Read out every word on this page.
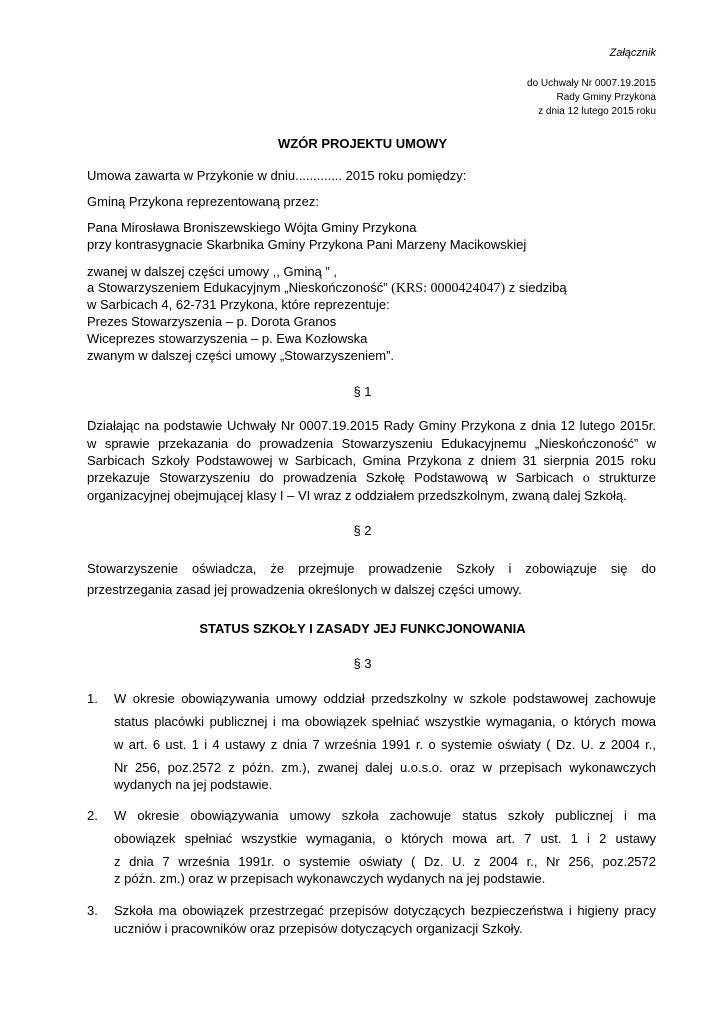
Załącznik
do Uchwały Nr 0007.19.2015
Rady Gminy Przykona
z dnia 12 lutego 2015 roku
WZÓR PROJEKTU UMOWY
Umowa zawarta w Przykonie w dniu............. 2015 roku pomiędzy:
Gminą Przykona reprezentowaną przez:
Pana Mirosława Broniszewskiego Wójta Gminy Przykona
przy kontrasygnacie Skarbnika Gminy Przykona Pani Marzeny Macikowskiej
zwanej w dalszej części umowy ,, Gminą ” ,
a Stowarzyszeniem Edukacyjnym „Nieskończoność” (KRS: 0000424047) z siedzibą
w Sarbicach 4, 62-731 Przykona, które reprezentuje:
Prezes Stowarzyszenia – p. Dorota Granos
Wiceprezes stowarzyszenia – p. Ewa Kozłowska
zwanym w dalszej części umowy „Stowarzyszeniem”.
§ 1
Działając na podstawie Uchwały Nr 0007.19.2015 Rady Gminy Przykona z dnia 12 lutego 2015r.
w sprawie przekazania do prowadzenia Stowarzyszeniu Edukacyjnemu „Nieskończoność” w
Sarbicach Szkoły Podstawowej w Sarbicach, Gmina Przykona z dniem 31 sierpnia 2015 roku
przekazuje Stowarzyszeniu do prowadzenia Szkołę Podstawową w Sarbicach o strukturze
organizacyjnej obejmującej klasy I – VI wraz z oddziałem przedszkolnym, zwaną dalej Szkołą.
§ 2
Stowarzyszenie oświadcza, że przejmuje prowadzenie Szkoły i zobowiązuje się do
przestrzegania zasad jej prowadzenia określonych w dalszej części umowy.
STATUS SZKOŁY I ZASADY JEJ FUNKCJONOWANIA
§ 3
1. W okresie obowiązywania umowy oddział przedszkolny w szkole podstawowej zachowuje
status placówki publicznej i ma obowiązek spełniać wszystkie wymagania, o których mowa
w art. 6 ust. 1 i 4 ustawy z dnia 7 września 1991 r. o systemie oświaty ( Dz. U. z 2004 r.,
Nr 256, poz.2572 z późn. zm.), zwanej dalej u.o.s.o. oraz w przepisach wykonawczych
wydanych na jej podstawie.
2. W okresie obowiązywania umowy szkoła zachowuje status szkoły publicznej i ma
obowiązek spełniać wszystkie wymagania, o których mowa art. 7 ust. 1 i 2 ustawy
z dnia 7 września 1991r. o systemie oświaty ( Dz. U. z 2004 r., Nr 256, poz.2572
z późn. zm.) oraz w przepisach wykonawczych wydanych na jej podstawie.
3. Szkoła ma obowiązek przestrzegać przepisów dotyczących bezpieczeństwa i higieny pracy
uczniów i pracowników oraz przepisów dotyczących organizacji Szkoły.
